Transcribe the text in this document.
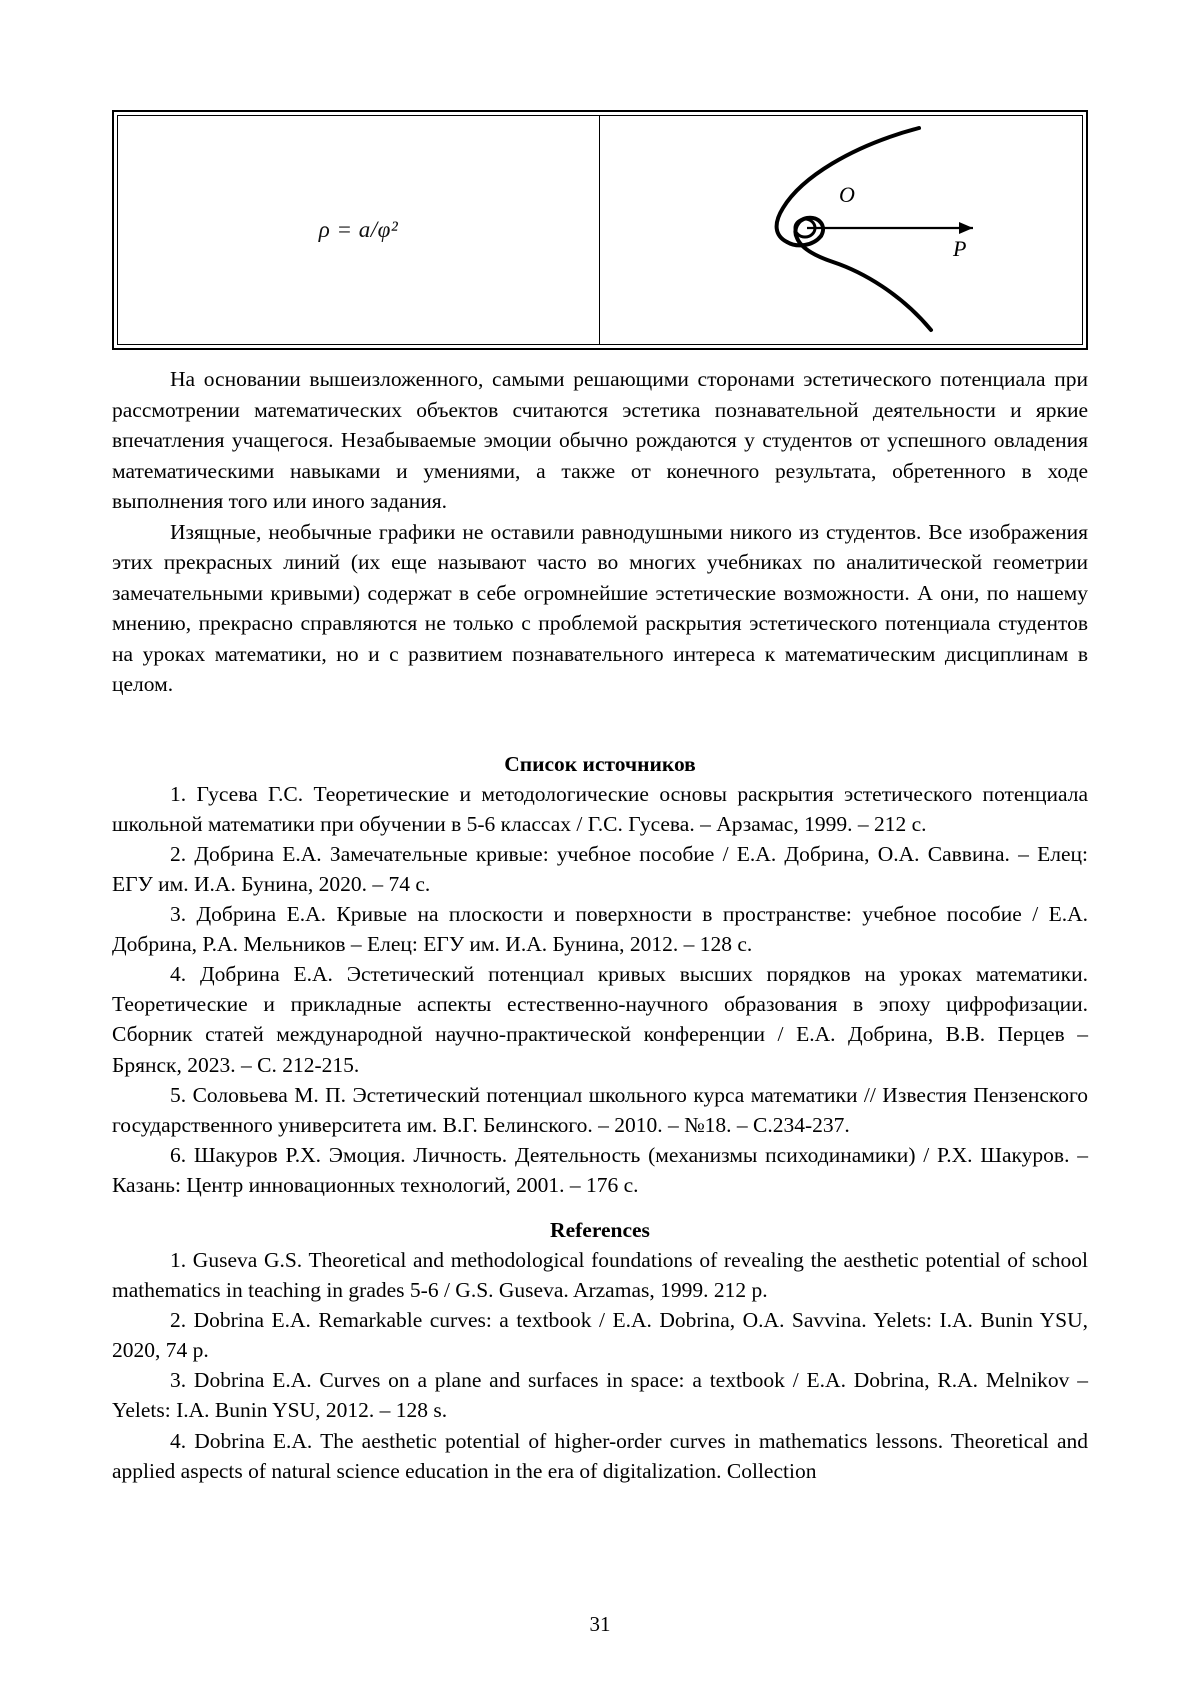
ρ = a/φ²
O
P

На основании вышеизложенного, самыми решающими сторонами эстетического потенциала при рассмотрении математических объектов считаются эстетика познавательной деятельности и яркие впечатления учащегося. Незабываемые эмоции обычно рождаются у студентов от успешного овладения математическими навыками и умениями, а также от конечного результата, обретенного в ходе выполнения того или иного задания.

Изящные, необычные графики не оставили равнодушными никого из студентов. Все изображения этих прекрасных линий (их еще называют часто во многих учебниках по аналитической геометрии замечательными кривыми) содержат в себе огромнейшие эстетические возможности. А они, по нашему мнению, прекрасно справляются не только с проблемой раскрытия эстетического потенциала студентов на уроках математики, но и с развитием познавательного интереса к математическим дисциплинам в целом.

Список источников

1. Гусева Г.С. Теоретические и методологические основы раскрытия эстетического потенциала школьной математики при обучении в 5-6 классах / Г.С. Гусева. – Арзамас, 1999. – 212 с.

2. Добрина Е.А. Замечательные кривые: учебное пособие / Е.А. Добрина, О.А. Саввина. – Елец: ЕГУ им. И.А. Бунина, 2020. – 74 с.

3. Добрина Е.А. Кривые на плоскости и поверхности в пространстве: учебное пособие / Е.А. Добрина, Р.А. Мельников – Елец: ЕГУ им. И.А. Бунина, 2012. – 128 с.

4. Добрина Е.А. Эстетический потенциал кривых высших порядков на уроках математики. Теоретические и прикладные аспекты естественно-научного образования в эпоху цифрофизации. Сборник статей международной научно-практической конференции / Е.А. Добрина, В.В. Перцев – Брянск, 2023. – С. 212-215.

5. Соловьева М. П. Эстетический потенциал школьного курса математики // Известия Пензенского государственного университета им. В.Г. Белинского. – 2010. – №18. – С.234-237.

6. Шакуров Р.Х. Эмоция. Личность. Деятельность (механизмы психодинамики) / Р.Х. Шакуров. – Казань: Центр инновационных технологий, 2001. – 176 с.

References

1. Guseva G.S. Theoretical and methodological foundations of revealing the aesthetic potential of school mathematics in teaching in grades 5-6 / G.S. Guseva. Arzamas, 1999. 212 p.

2. Dobrina E.A. Remarkable curves: a textbook / E.A. Dobrina, O.A. Savvina. Yelets: I.A. Bunin YSU, 2020, 74 p.

3. Dobrina E.A. Curves on a plane and surfaces in space: a textbook / E.A. Dobrina, R.A. Melnikov – Yelets: I.A. Bunin YSU, 2012. – 128 s.

4. Dobrina E.A. The aesthetic potential of higher-order curves in mathematics lessons. Theoretical and applied aspects of natural science education in the era of digitalization. Collection

31
